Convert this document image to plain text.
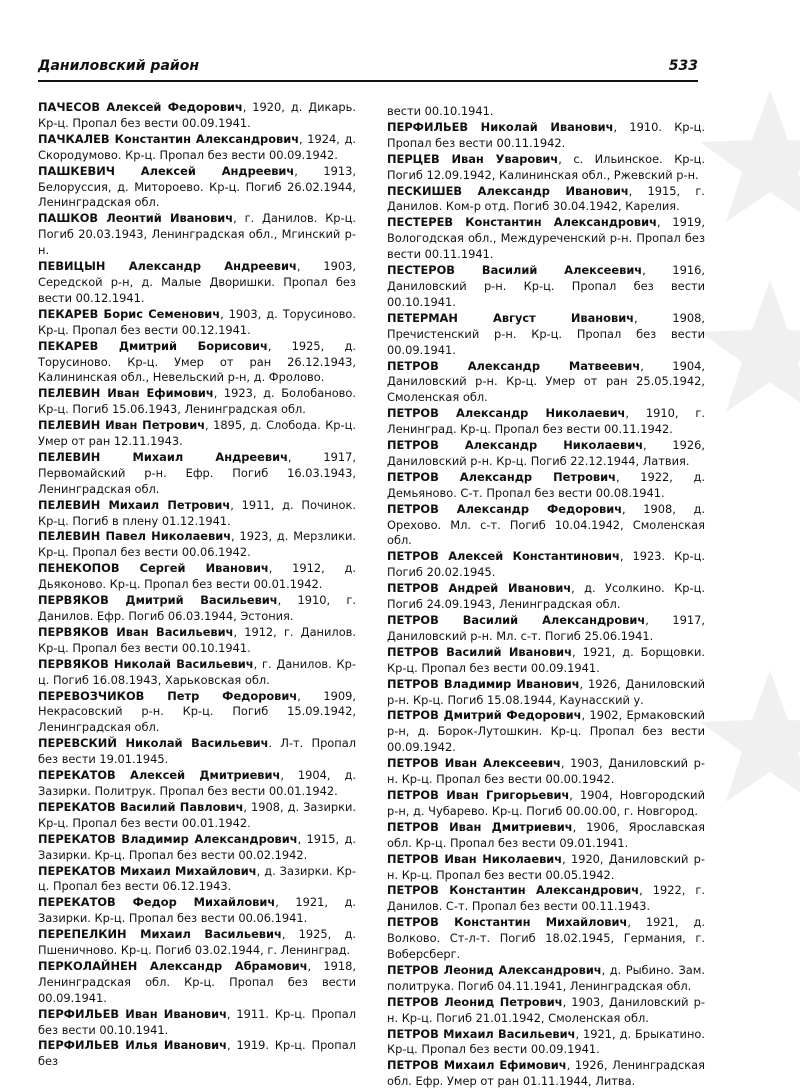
Даниловский район	533
ПАЧЕСОВ Алексей Федорович, 1920, д. Дикарь. Кр-ц. Пропал без вести 00.09.1941.
ПАЧКАЛЕВ Константин Александрович, 1924, д. Скородумово. Кр-ц. Пропал без вести 00.09.1942.
ПАШКЕВИЧ Алексей Андреевич, 1913, Белоруссия, д. Митороево. Кр-ц. Погиб 26.02.1944, Ленинградская обл.
ПАШКОВ Леонтий Иванович, г. Данилов. Кр-ц. Погиб 20.03.1943, Ленинградская обл., Мгинский р-н.
ПЕВИЦЫН Александр Андреевич, 1903, Середской р-н, д. Малые Дворишки. Пропал без вести 00.12.1941.
ПЕКАРЕВ Борис Семенович, 1903, д. Торусиново. Кр-ц. Пропал без вести 00.12.1941.
ПЕКАРЕВ Дмитрий Борисович, 1925, д. Торусиново. Кр-ц. Умер от ран 26.12.1943, Калининская обл., Невельский р-н, д. Фролово.
ПЕЛЕВИН Иван Ефимович, 1923, д. Болобаново. Кр-ц. Погиб 15.06.1943, Ленинградская обл.
ПЕЛЕВИН Иван Петрович, 1895, д. Слобода. Кр-ц. Умер от ран 12.11.1943.
ПЕЛЕВИН Михаил Андреевич, 1917, Первомайский р-н. Ефр. Погиб 16.03.1943, Ленинградская обл.
ПЕЛЕВИН Михаил Петрович, 1911, д. Починок. Кр-ц. Погиб в плену 01.12.1941.
ПЕЛЕВИН Павел Николаевич, 1923, д. Мерзлики. Кр-ц. Пропал без вести 00.06.1942.
ПЕНЕКОПОВ Сергей Иванович, 1912, д. Дьяконово. Кр-ц. Пропал без вести 00.01.1942.
ПЕРВЯКОВ Дмитрий Васильевич, 1910, г. Данилов. Ефр. Погиб 06.03.1944, Эстония.
ПЕРВЯКОВ Иван Васильевич, 1912, г. Данилов. Кр-ц. Пропал без вести 00.10.1941.
ПЕРВЯКОВ Николай Васильевич, г. Данилов. Кр-ц. Погиб 16.08.1943, Харьковская обл.
ПЕРЕВОЗЧИКОВ Петр Федорович, 1909, Некрасовский р-н. Кр-ц. Погиб 15.09.1942, Ленинградская обл.
ПЕРЕВСКИЙ Николай Васильевич. Л-т. Пропал без вести 19.01.1945.
ПЕРЕКАТОВ Алексей Дмитриевич, 1904, д. Зазирки. Политрук. Пропал без вести 00.01.1942.
ПЕРЕКАТОВ Василий Павлович, 1908, д. Зазирки. Кр-ц. Пропал без вести 00.01.1942.
ПЕРЕКАТОВ Владимир Александрович, 1915, д. Зазирки. Кр-ц. Пропал без вести 00.02.1942.
ПЕРЕКАТОВ Михаил Михайлович, д. Зазирки. Кр-ц. Пропал без вести 06.12.1943.
ПЕРЕКАТОВ Федор Михайлович, 1921, д. Зазирки. Кр-ц. Пропал без вести 00.06.1941.
ПЕРЕПЕЛКИН Михаил Васильевич, 1925, д. Пшеничново. Кр-ц. Погиб 03.02.1944, г. Ленинград.
ПЕРКОЛАЙНЕН Александр Абрамович, 1918, Ленинградская обл. Кр-ц. Пропал без вести 00.09.1941.
ПЕРФИЛЬЕВ Иван Иванович, 1911. Кр-ц. Пропал без вести 00.10.1941.
ПЕРФИЛЬЕВ Илья Иванович, 1919. Кр-ц. Пропал без
вести 00.10.1941.
ПЕРФИЛЬЕВ Николай Иванович, 1910. Кр-ц. Пропал без вести 00.11.1942.
ПЕРЦЕВ Иван Уварович, с. Ильинское. Кр-ц. Погиб 12.09.1942, Калининская обл., Ржевский р-н.
ПЕСКИШЕВ Александр Иванович, 1915, г. Данилов. Ком-р отд. Погиб 30.04.1942, Карелия.
ПЕСТЕРЕВ Константин Александрович, 1919, Вологодская обл., Междуреченский р-н. Пропал без вести 00.11.1941.
ПЕСТЕРОВ Василий Алексеевич, 1916, Даниловский р-н. Кр-ц. Пропал без вести 00.10.1941.
ПЕТЕРМАН Август Иванович, 1908, Пречистенский р-н. Кр-ц. Пропал без вести 00.09.1941.
ПЕТРОВ Александр Матвеевич, 1904, Даниловский р-н. Кр-ц. Умер от ран 25.05.1942, Смоленская обл.
ПЕТРОВ Александр Николаевич, 1910, г. Ленинград. Кр-ц. Пропал без вести 00.11.1942.
ПЕТРОВ Александр Николаевич, 1926, Даниловский р-н. Кр-ц. Погиб 22.12.1944, Латвия.
ПЕТРОВ Александр Петрович, 1922, д. Демьяново. С-т. Пропал без вести 00.08.1941.
ПЕТРОВ Александр Федорович, 1908, д. Орехово. Мл. с-т. Погиб 10.04.1942, Смоленская обл.
ПЕТРОВ Алексей Константинович, 1923. Кр-ц. Погиб 20.02.1945.
ПЕТРОВ Андрей Иванович, д. Усолкино. Кр-ц. Погиб 24.09.1943, Ленинградская обл.
ПЕТРОВ Василий Александрович, 1917, Даниловский р-н. Мл. с-т. Погиб 25.06.1941.
ПЕТРОВ Василий Иванович, 1921, д. Борщовки. Кр-ц. Пропал без вести 00.09.1941.
ПЕТРОВ Владимир Иванович, 1926, Даниловский р-н. Кр-ц. Погиб 15.08.1944, Каунасский у.
ПЕТРОВ Дмитрий Федорович, 1902, Ермаковский р-н, д. Борок-Лутошкин. Кр-ц. Пропал без вести 00.09.1942.
ПЕТРОВ Иван Алексеевич, 1903, Даниловский р-н. Кр-ц. Пропал без вести 00.00.1942.
ПЕТРОВ Иван Григорьевич, 1904, Новгородский р-н, д. Чубарево. Кр-ц. Погиб 00.00.00, г. Новгород.
ПЕТРОВ Иван Дмитриевич, 1906, Ярославская обл. Кр-ц. Пропал без вести 09.01.1941.
ПЕТРОВ Иван Николаевич, 1920, Даниловский р-н. Кр-ц. Пропал без вести 00.05.1942.
ПЕТРОВ Константин Александрович, 1922, г. Данилов. С-т. Пропал без вести 00.11.1943.
ПЕТРОВ Константин Михайлович, 1921, д. Волково. Ст-л-т. Погиб 18.02.1945, Германия, г. Воберсберг.
ПЕТРОВ Леонид Александрович, д. Рыбино. Зам. политрука. Погиб 04.11.1941, Ленинградская обл.
ПЕТРОВ Леонид Петрович, 1903, Даниловский р-н. Кр-ц. Погиб 21.01.1942, Смоленская обл.
ПЕТРОВ Михаил Васильевич, 1921, д. Брыкатино. Кр-ц. Пропал без вести 00.09.1941.
ПЕТРОВ Михаил Ефимович, 1926, Ленинградская обл. Ефр. Умер от ран 01.11.1944, Литва.
